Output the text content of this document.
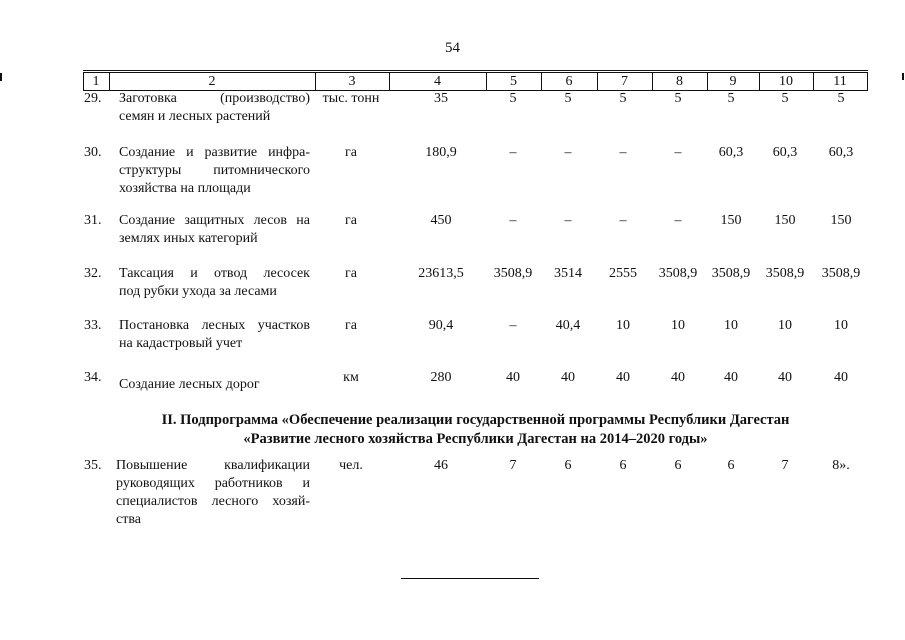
54
1	2	3	4	5	6	7	8	9	10	11
29. Заготовка (производство)
семян и лесных растений
тыс. тонн	35	5	5	5	5	5	5	5
30. Создание и развитие инфра-
структуры питомнического
хозяйства на площади
га	180,9	–	–	–	–	60,3	60,3	60,3
31. Создание защитных лесов на
землях иных категорий
га	450	–	–	–	–	150	150	150
32. Таксация и отвод лесосек
под рубки ухода за лесами
га	23613,5	3508,9	3514	2555	3508,9	3508,9	3508,9	3508,9
33. Постановка лесных участков
на кадастровый учет
га	90,4	–	40,4	10	10	10	10	10
34. Создание лесных дорог	км	280	40	40	40	40	40	40	40
II. Подпрограмма «Обеспечение реализации государственной программы Республики Дагестан
«Развитие лесного хозяйства Республики Дагестан на 2014–2020 годы»
35. Повышение квалификации
руководящих работников и
специалистов лесного хозяй-
ства
чел.	46	7	6	6	6	6	7	8».
